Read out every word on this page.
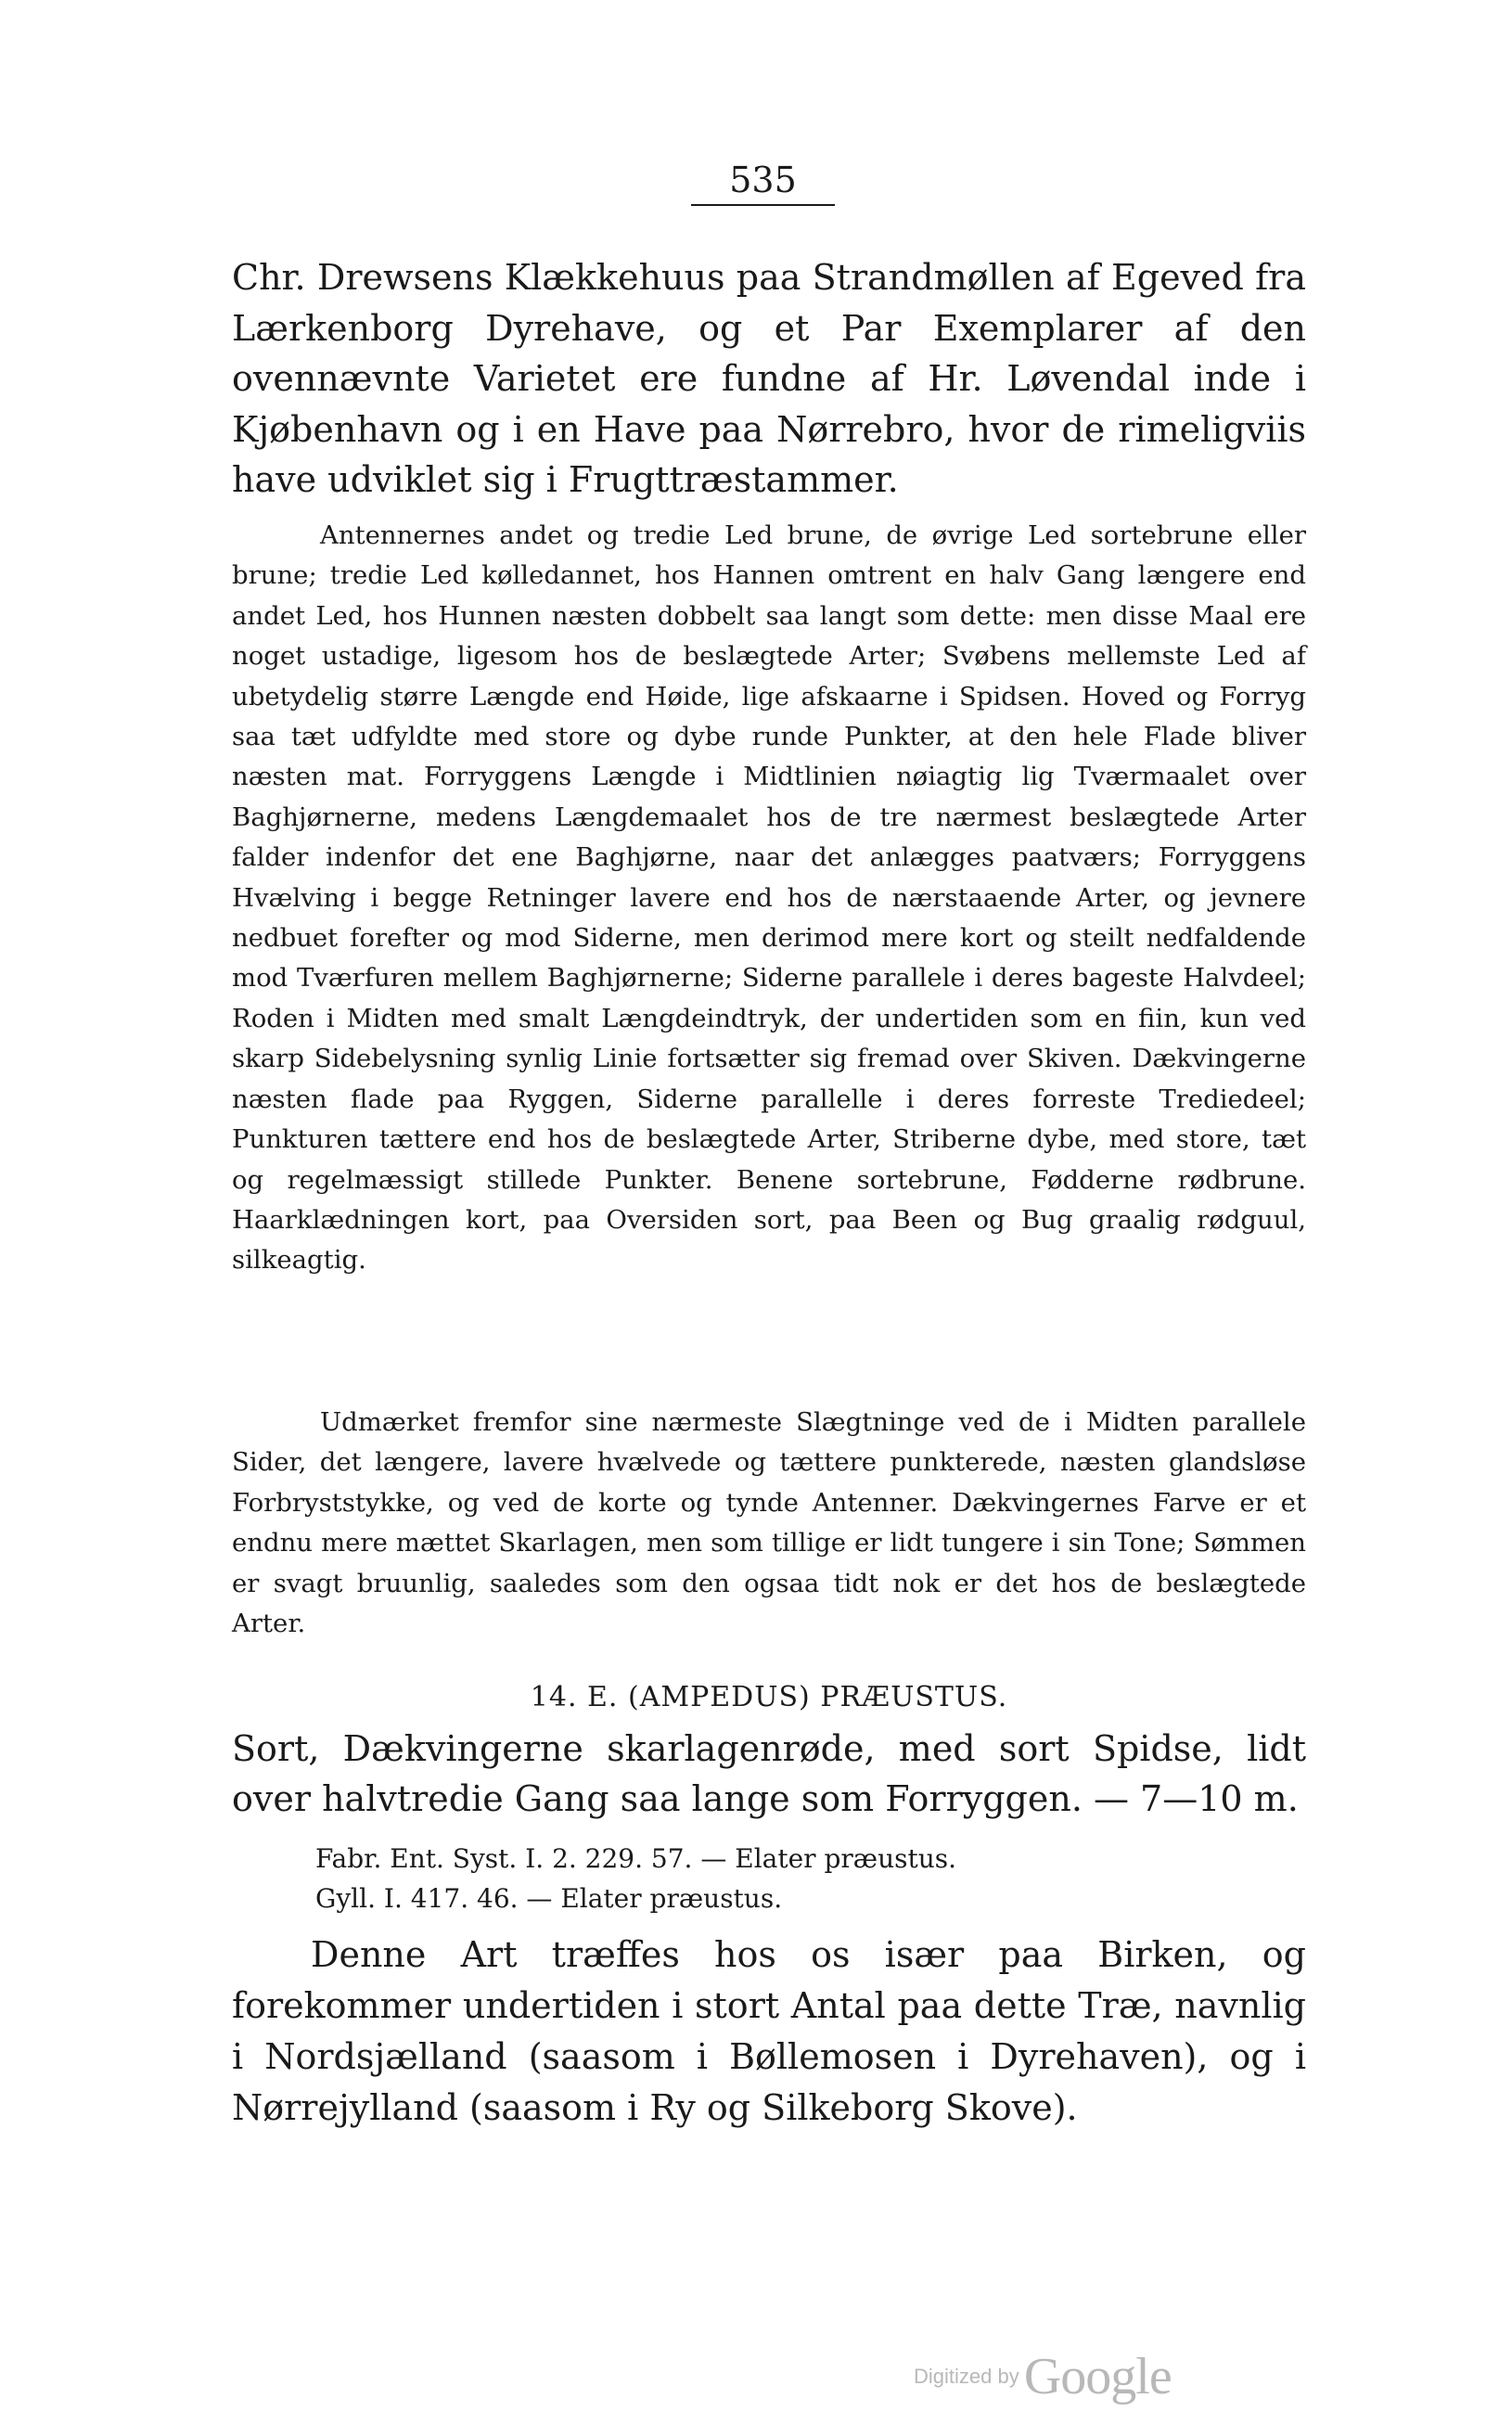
535

Chr. Drewsens Klækkehuus paa Strandmøllen af Egeved fra Lærkenborg Dyrehave, og et Par Exemplarer af den ovennævnte Varietet ere fundne af Hr. Løvendal inde i Kjøbenhavn og i en Have paa Nørrebro, hvor de rimeligviis have udviklet sig i Frugttræstammer.

Antennernes andet og tredie Led brune, de øvrige Led sortebrune eller brune; tredie Led kølledannet, hos Hannen omtrent en halv Gang længere end andet Led, hos Hunnen næsten dobbelt saa langt som dette: men disse Maal ere noget ustadige, ligesom hos de beslægtede Arter; Svøbens mellemste Led af ubetydelig større Længde end Høide, lige afskaarne i Spidsen. Hoved og Forryg saa tæt udfyldte med store og dybe runde Punkter, at den hele Flade bliver næsten mat. Forryggens Længde i Midtlinien nøiagtig lig Tværmaalet over Baghjørnerne, medens Længdemaalet hos de tre nærmest beslægtede Arter falder indenfor det ene Baghjørne, naar det anlægges paatværs; Forryggens Hvælving i begge Retninger lavere end hos de nærstaaende Arter, og jevnere nedbuet forefter og mod Siderne, men derimod mere kort og steilt nedfaldende mod Tværfuren mellem Baghjørnerne; Siderne parallele i deres bageste Halvdeel; Roden i Midten med smalt Længdeindtryk, der undertiden som en fiin, kun ved skarp Sidebelysning synlig Linie fortsætter sig fremad over Skiven. Dækvingerne næsten flade paa Ryggen, Siderne parallelle i deres forreste Trediedeel; Punkturen tættere end hos de beslægtede Arter, Striberne dybe, med store, tæt og regelmæssigt stillede Punkter. Benene sortebrune, Fødderne rødbrune. Haarklædningen kort, paa Oversiden sort, paa Been og Bug graalig rødguul, silkeagtig.

Udmærket fremfor sine nærmeste Slægtninge ved de i Midten parallele Sider, det længere, lavere hvælvede og tættere punkterede, næsten glandsløse Forbryststykke, og ved de korte og tynde Antenner. Dækvingernes Farve er et endnu mere mættet Skarlagen, men som tillige er lidt tungere i sin Tone; Sømmen er svagt bruunlig, saaledes som den ogsaa tidt nok er det hos de beslægtede Arter.

14. E. (AMPEDUS) PRÆUSTUS.

Sort, Dækvingerne skarlagenrøde, med sort Spidse, lidt over halvtredie Gang saa lange som Forryggen. — 7—10 m.

Fabr. Ent. Syst. I. 2. 229. 57. — Elater præustus.
Gyll. I. 417. 46. — Elater præustus.

Denne Art træffes hos os især paa Birken, og forekommer undertiden i stort Antal paa dette Træ, navnlig i Nordsjælland (saasom i Bøllemosen i Dyrehaven), og i Nørrejylland (saasom i Ry og Silkeborg Skove).

Digitized by Google
